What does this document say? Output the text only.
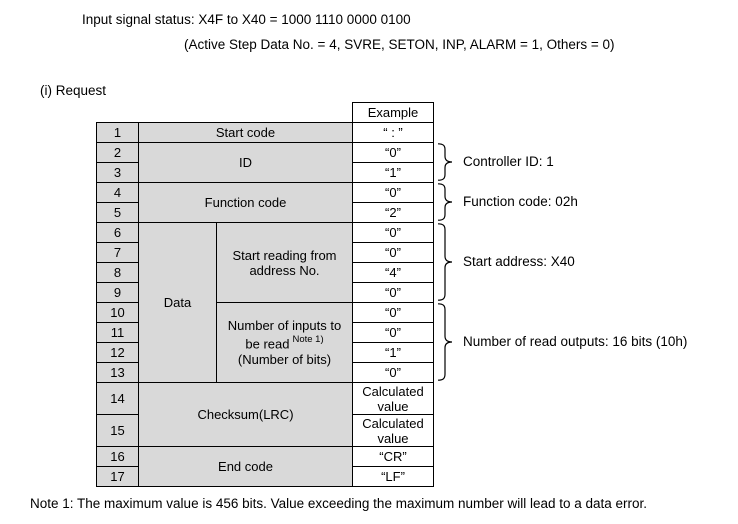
Input signal status: X4F to X40 = 1000 1110 0000 0100
(Active Step Data No. = 4, SVRE, SETON, INP, ALARM = 1, Others = 0)
(i) Request
			Example
1	Start code		“ : ”
2	ID		“0”
3			“1”
4	Function code		“0”
5			“2”
6	Data	Start reading from address No.	“0”
7			“0”
8			“4”
9			“0”
10		Number of inputs to
be read $^{Note 1)}$
(Number of bits)	“0”
11			“0”
12			“1”
13			“0”
14	Checksum(LRC)		Calculated value
15			Calculated value
16	End code		“CR”
17			“LF”
Controller ID: 1
Function code: 02h
Start address: X40
Number of read outputs: 16 bits (10h)
Note 1: The maximum value is 456 bits. Value exceeding the maximum number will lead to a data error.
